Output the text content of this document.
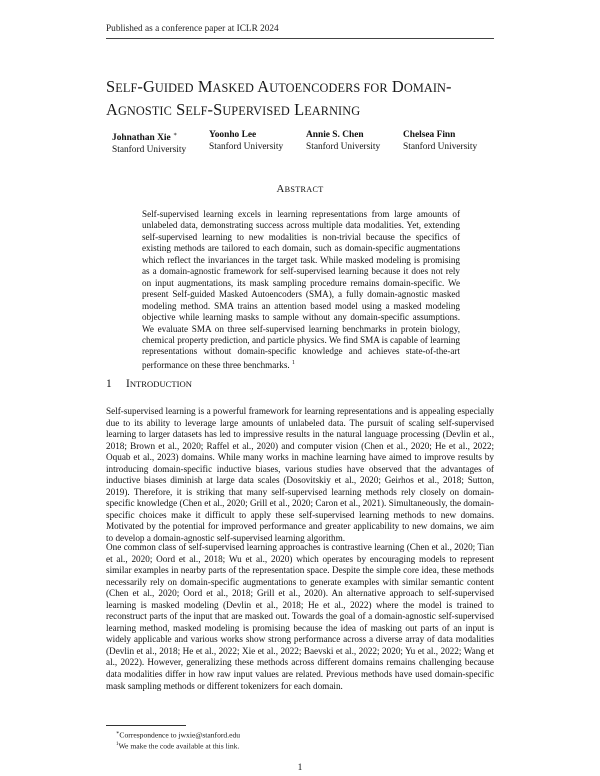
Published as a conference paper at ICLR 2024
SELF-GUIDED MASKED AUTOENCODERS FOR DOMAIN-
AGNOSTIC SELF-SUPERVISED LEARNING
Johnathan Xie ∗
Stanford University
Yoonho Lee
Stanford University
Annie S. Chen
Stanford University
Chelsea Finn
Stanford University
ABSTRACT
Self-supervised learning excels in learning representations from large amounts of unlabeled data, demonstrating success across multiple data modalities. Yet, extending self-supervised learning to new modalities is non-trivial because the specifics of existing methods are tailored to each domain, such as domain-specific augmentations which reflect the invariances in the target task. While masked modeling is promising as a domain-agnostic framework for self-supervised learning because it does not rely on input augmentations, its mask sampling procedure remains domain-specific. We present Self-guided Masked Autoencoders (SMA), a fully domain-agnostic masked modeling method. SMA trains an attention based model using a masked modeling objective while learning masks to sample without any domain-specific assumptions. We evaluate SMA on three self-supervised learning benchmarks in protein biology, chemical property prediction, and particle physics. We find SMA is capable of learning representations without domain-specific knowledge and achieves state-of-the-art performance on these three benchmarks. $^1$
1 INTRODUCTION
Self-supervised learning is a powerful framework for learning representations and is appealing especially due to its ability to leverage large amounts of unlabeled data. The pursuit of scaling self-supervised learning to larger datasets has led to impressive results in the natural language processing (Devlin et al., 2018; Brown et al., 2020; Raffel et al., 2020) and computer vision (Chen et al., 2020; He et al., 2022; Oquab et al., 2023) domains. While many works in machine learning have aimed to improve results by introducing domain-specific inductive biases, various studies have observed that the advantages of inductive biases diminish at large data scales (Dosovitskiy et al., 2020; Geirhos et al., 2018; Sutton, 2019). Therefore, it is striking that many self-supervised learning methods rely closely on domain-specific knowledge (Chen et al., 2020; Grill et al., 2020; Caron et al., 2021). Simultaneously, the domain-specific choices make it difficult to apply these self-supervised learning methods to new domains. Motivated by the potential for improved performance and greater applicability to new domains, we aim to develop a domain-agnostic self-supervised learning algorithm.
One common class of self-supervised learning approaches is contrastive learning (Chen et al., 2020; Tian et al., 2020; Oord et al., 2018; Wu et al., 2020) which operates by encouraging models to represent similar examples in nearby parts of the representation space. Despite the simple core idea, these methods necessarily rely on domain-specific augmentations to generate examples with similar semantic content (Chen et al., 2020; Oord et al., 2018; Grill et al., 2020). An alternative approach to self-supervised learning is masked modeling (Devlin et al., 2018; He et al., 2022) where the model is trained to reconstruct parts of the input that are masked out. Towards the goal of a domain-agnostic self-supervised learning method, masked modeling is promising because the idea of masking out parts of an input is widely applicable and various works show strong performance across a diverse array of data modalities (Devlin et al., 2018; He et al., 2022; Xie et al., 2022; Baevski et al., 2022; 2020; Yu et al., 2022; Wang et al., 2022). However, generalizing these methods across different domains remains challenging because data modalities differ in how raw input values are related. Previous methods have used domain-specific mask sampling methods or different tokenizers for each domain.
∗Correspondence to jwxie@stanford.edu
$^1$We make the code available at this link.
1
